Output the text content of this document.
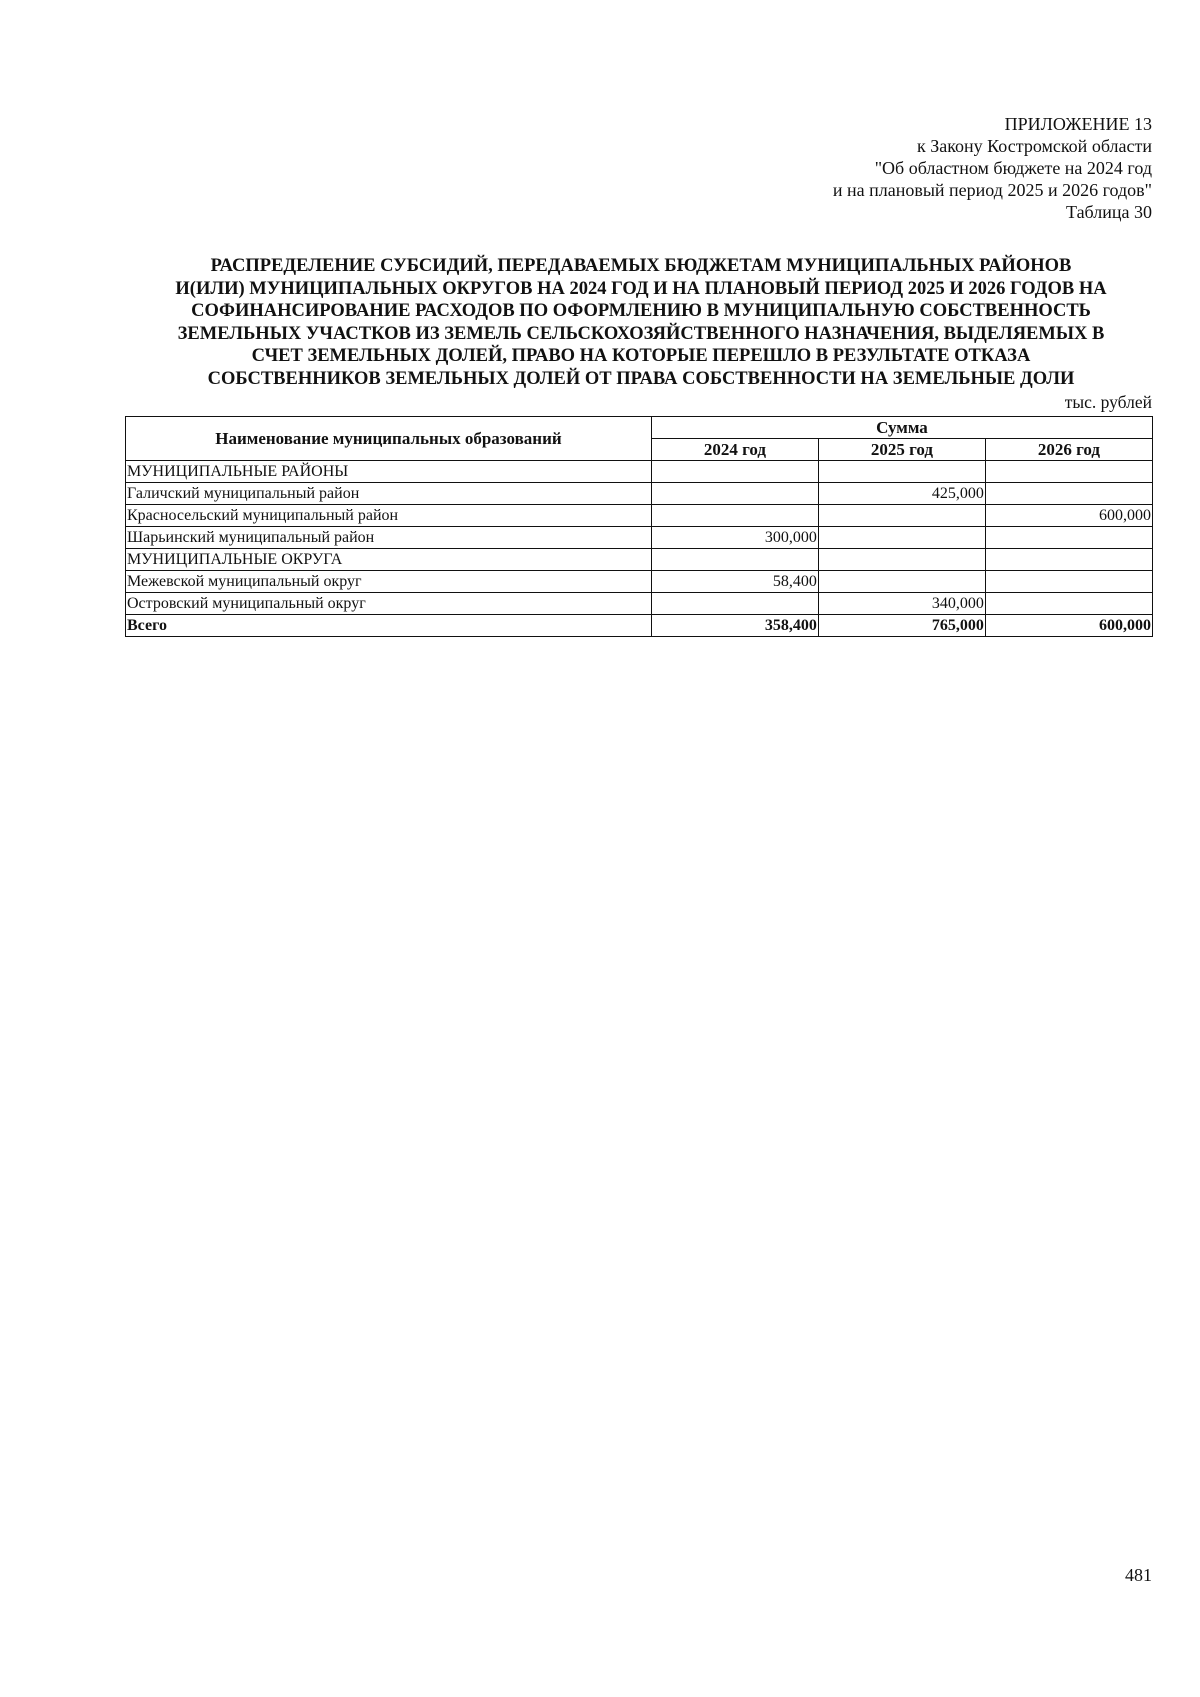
ПРИЛОЖЕНИЕ 13
к Закону Костромской области
"Об областном бюджете на 2024 год
и на плановый период 2025 и 2026 годов"
Таблица 30
РАСПРЕДЕЛЕНИЕ СУБСИДИЙ, ПЕРЕДАВАЕМЫХ БЮДЖЕТАМ МУНИЦИПАЛЬНЫХ РАЙОНОВ
И(ИЛИ) МУНИЦИПАЛЬНЫХ ОКРУГОВ НА 2024 ГОД И НА ПЛАНОВЫЙ ПЕРИОД 2025 И 2026 ГОДОВ НА
СОФИНАНСИРОВАНИЕ РАСХОДОВ ПО ОФОРМЛЕНИЮ В МУНИЦИПАЛЬНУЮ СОБСТВЕННОСТЬ
ЗЕМЕЛЬНЫХ УЧАСТКОВ ИЗ ЗЕМЕЛЬ СЕЛЬСКОХОЗЯЙСТВЕННОГО НАЗНАЧЕНИЯ, ВЫДЕЛЯЕМЫХ В
СЧЕТ ЗЕМЕЛЬНЫХ ДОЛЕЙ, ПРАВО НА КОТОРЫЕ ПЕРЕШЛО В РЕЗУЛЬТАТЕ ОТКАЗА
СОБСТВЕННИКОВ ЗЕМЕЛЬНЫХ ДОЛЕЙ ОТ ПРАВА СОБСТВЕННОСТИ НА ЗЕМЕЛЬНЫЕ ДОЛИ
тыс. рублей
Наименование муниципальных образований	Сумма		
	2024 год	2025 год	2026 год
МУНИЦИПАЛЬНЫЕ РАЙОНЫ			
Галичский муниципальный район		425,000	
Красносельский муниципальный район			600,000
Шарьинский муниципальный район	300,000		
МУНИЦИПАЛЬНЫЕ ОКРУГА			
Межевской муниципальный округ	58,400		
Островский муниципальный округ		340,000	
Всего	358,400	765,000	600,000
481
